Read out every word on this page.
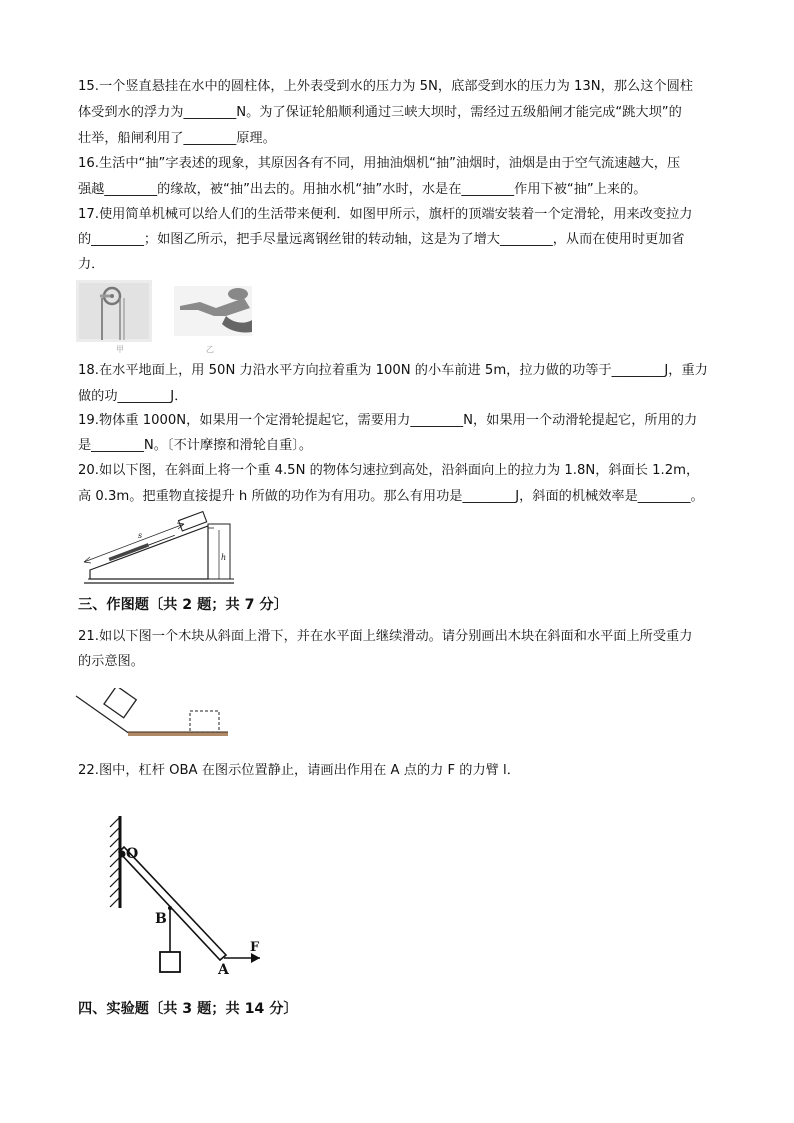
15.一个竖直悬挂在水中的圆柱体，上外表受到水的压力为 5N，底部受到水的压力为 13N，那么这个圆柱
体受到水的浮力为________N。为了保证轮船顺利通过三峡大坝时，需经过五级船闸才能完成“跳大坝”的
壮举，船闸利用了________原理。
16.生活中“抽”字表述的现象，其原因各有不同，用抽油烟机“抽”油烟时，油烟是由于空气流速越大，压
强越________的缘故，被“抽”出去的。用抽水机“抽”水时，水是在________作用下被“抽”上来的。
17.使用简单机械可以给人们的生活带来便利．如图甲所示，旗杆的顶端安装着一个定滑轮，用来改变拉力
的________；如图乙所示，把手尽量远离钢丝钳的转动轴，这是为了增大________，从而在使用时更加省
力．
甲	乙
18.在水平地面上，用 50N 力沿水平方向拉着重为 100N 的小车前进 5m，拉力做的功等于________J，重力
做的功________J．
19.物体重 1000N，如果用一个定滑轮提起它，需要用力________N，如果用一个动滑轮提起它，所用的力
是________N。〔不计摩擦和滑轮自重〕。
20.如以下图，在斜面上将一个重 4.5N 的物体匀速拉到高处，沿斜面向上的拉力为 1.8N，斜面长 1.2m，
高 0.3m。把重物直接提升 h 所做的功作为有用功。那么有用功是________J，斜面的机械效率是________。
s
h
三、作图题〔共 2 题；共 7 分〕
21.如以下图一个木块从斜面上滑下，并在水平面上继续滑动。请分别画出木块在斜面和水平面上所受重力
的示意图。
22.图中，杠杆 OBA 在图示位置静止，请画出作用在 A 点的力 F 的力臂 l．
O
B
A
F
四、实验题〔共 3 题；共 14 分〕
